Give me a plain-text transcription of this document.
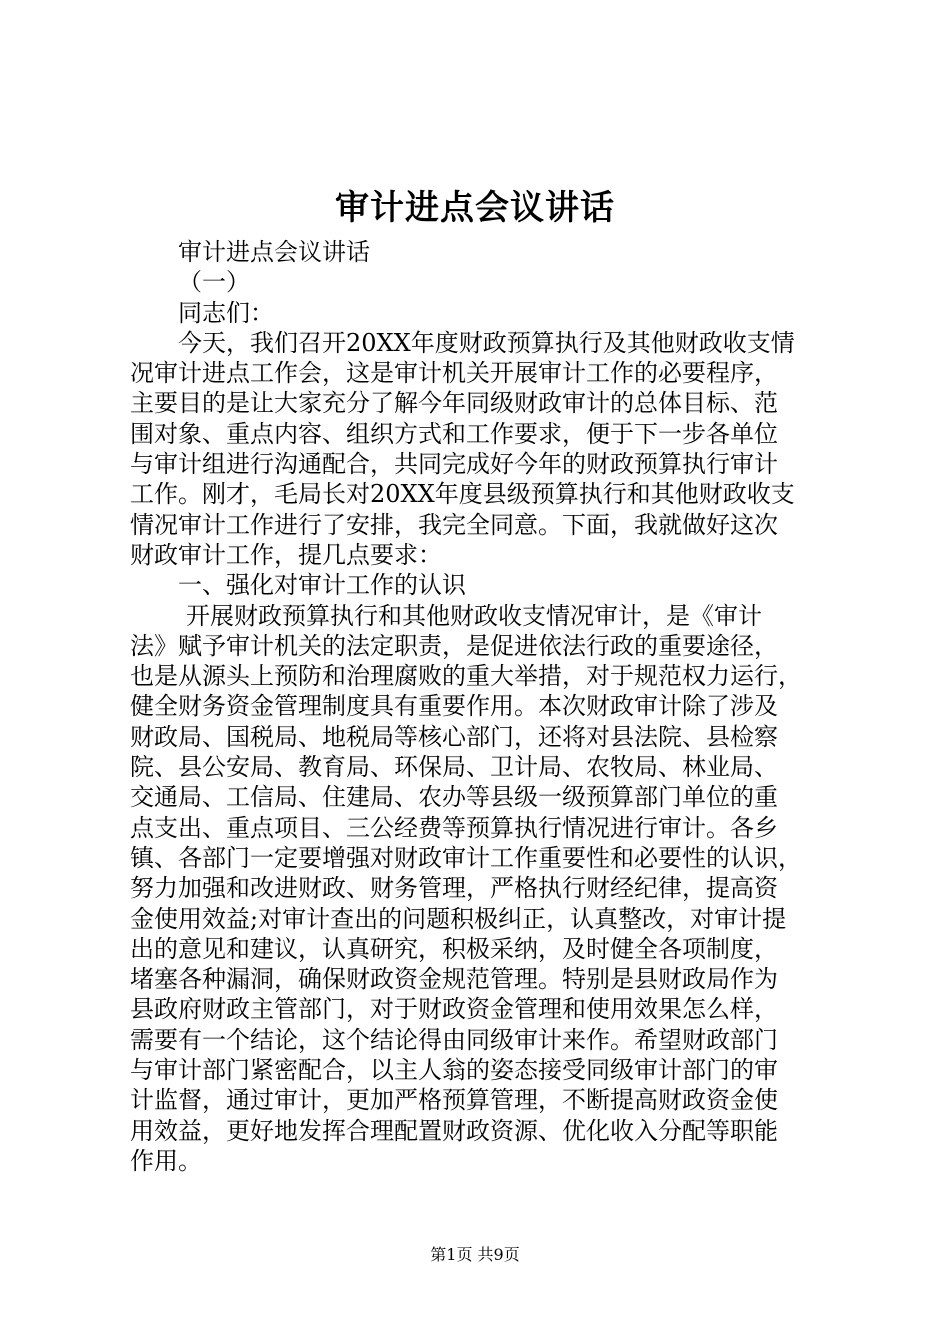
审计进点会议讲话
审计进点会议讲话
（一）
同志们：
今天，我们召开20XX年度财政预算执行及其他财政收支情
况审计进点工作会，这是审计机关开展审计工作的必要程序，
主要目的是让大家充分了解今年同级财政审计的总体目标、范
围对象、重点内容、组织方式和工作要求，便于下一步各单位
与审计组进行沟通配合，共同完成好今年的财政预算执行审计
工作。刚才，毛局长对20XX年度县级预算执行和其他财政收支
情况审计工作进行了安排，我完全同意。下面，我就做好这次
财政审计工作，提几点要求：
一、强化对审计工作的认识
开展财政预算执行和其他财政收支情况审计，是《审计
法》赋予审计机关的法定职责，是促进依法行政的重要途径，
也是从源头上预防和治理腐败的重大举措，对于规范权力运行，
健全财务资金管理制度具有重要作用。本次财政审计除了涉及
财政局、国税局、地税局等核心部门，还将对县法院、县检察
院、县公安局、教育局、环保局、卫计局、农牧局、林业局、
交通局、工信局、住建局、农办等县级一级预算部门单位的重
点支出、重点项目、三公经费等预算执行情况进行审计。各乡
镇、各部门一定要增强对财政审计工作重要性和必要性的认识，
努力加强和改进财政、财务管理，严格执行财经纪律，提高资
金使用效益;对审计查出的问题积极纠正，认真整改，对审计提
出的意见和建议，认真研究，积极采纳，及时健全各项制度，
堵塞各种漏洞，确保财政资金规范管理。特别是县财政局作为
县政府财政主管部门，对于财政资金管理和使用效果怎么样，
需要有一个结论，这个结论得由同级审计来作。希望财政部门
与审计部门紧密配合，以主人翁的姿态接受同级审计部门的审
计监督，通过审计，更加严格预算管理，不断提高财政资金使
用效益，更好地发挥合理配置财政资源、优化收入分配等职能
作用。
第1页 共9页
